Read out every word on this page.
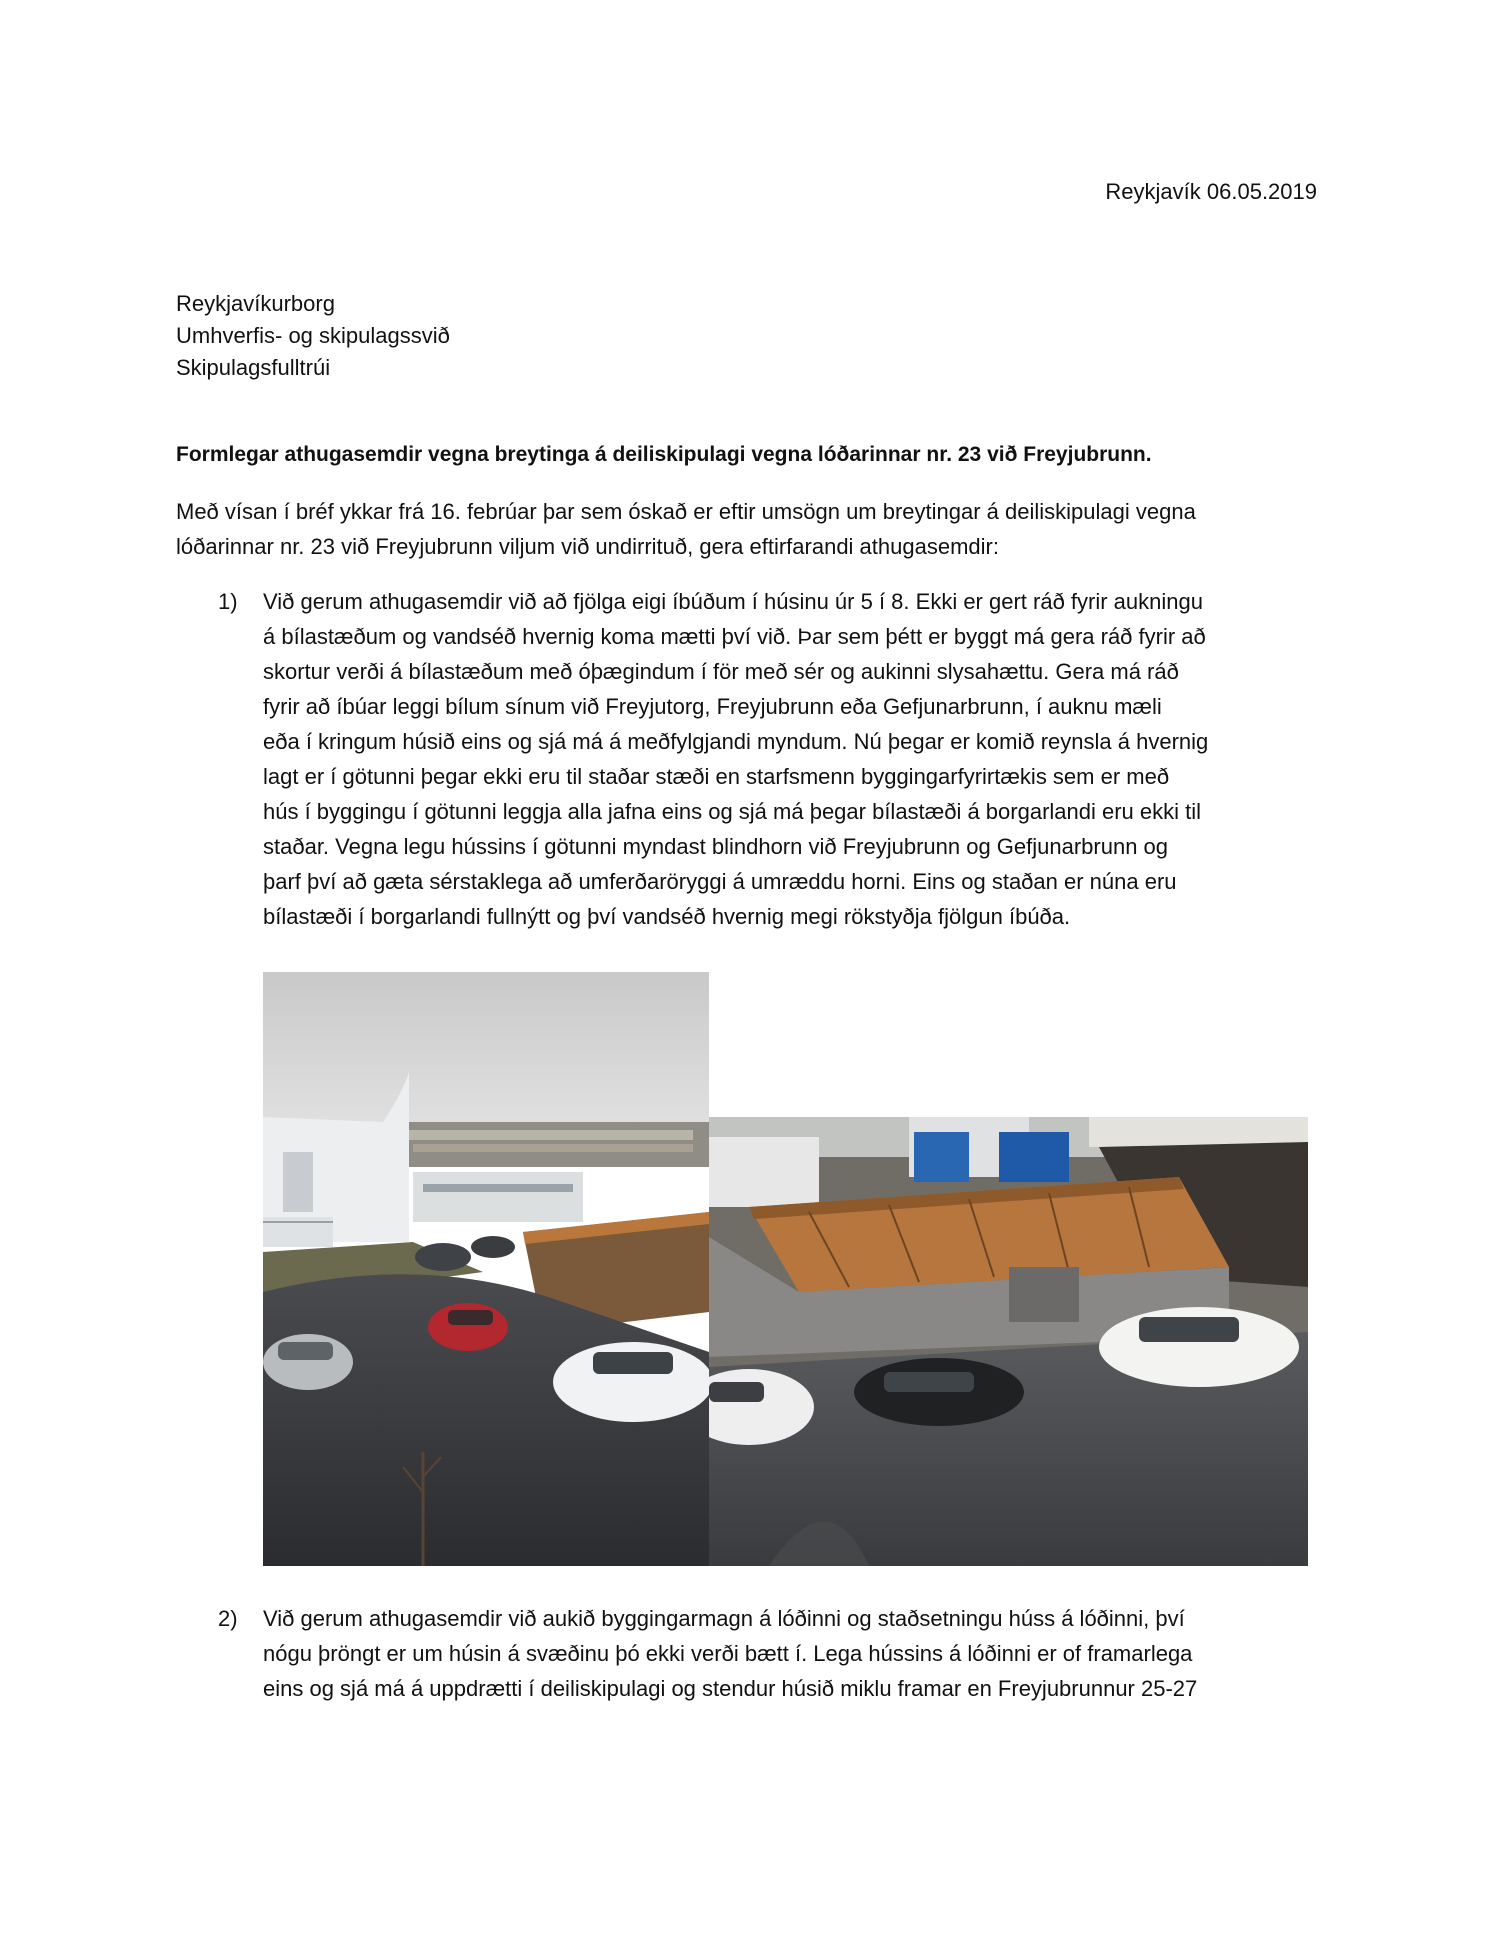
Reykjavík 06.05.2019
Reykjavíkurborg
Umhverfis- og skipulagssvið
Skipulagsfulltrúi
Formlegar athugasemdir vegna breytinga á deiliskipulagi vegna lóðarinnar nr. 23 við Freyjubrunn.
Með vísan í bréf ykkar frá 16. febrúar þar sem óskað er eftir umsögn um breytingar á deiliskipulagi vegna
lóðarinnar nr. 23 við Freyjubrunn viljum við undirrituð, gera eftirfarandi athugasemdir:
1) Við gerum athugasemdir við að fjölga eigi íbúðum í húsinu úr 5 í 8. Ekki er gert ráð fyrir aukningu
á bílastæðum og vandséð hvernig koma mætti því við. Þar sem þétt er byggt má gera ráð fyrir að
skortur verði á bílastæðum með óþægindum í för með sér og aukinni slysahættu. Gera má ráð
fyrir að íbúar leggi bílum sínum við Freyjutorg, Freyjubrunn eða Gefjunarbrunn, í auknu mæli
eða í kringum húsið eins og sjá má á meðfylgjandi myndum. Nú þegar er komið reynsla á hvernig
lagt er í götunni þegar ekki eru til staðar stæði en starfsmenn byggingarfyrirtækis sem er með
hús í byggingu í götunni leggja alla jafna eins og sjá má þegar bílastæði á borgarlandi eru ekki til
staðar. Vegna legu hússins í götunni myndast blindhorn við Freyjubrunn og Gefjunarbrunn og
þarf því að gæta sérstaklega að umferðaröryggi á umræddu horni. Eins og staðan er núna eru
bílastæði í borgarlandi fullnýtt og því vandséð hvernig megi rökstyðja fjölgun íbúða.
2) Við gerum athugasemdir við aukið byggingarmagn á lóðinni og staðsetningu húss á lóðinni, því
nógu þröngt er um húsin á svæðinu þó ekki verði bætt í. Lega hússins á lóðinni er of framarlega
eins og sjá má á uppdrætti í deiliskipulagi og stendur húsið miklu framar en Freyjubrunnur 25-27
